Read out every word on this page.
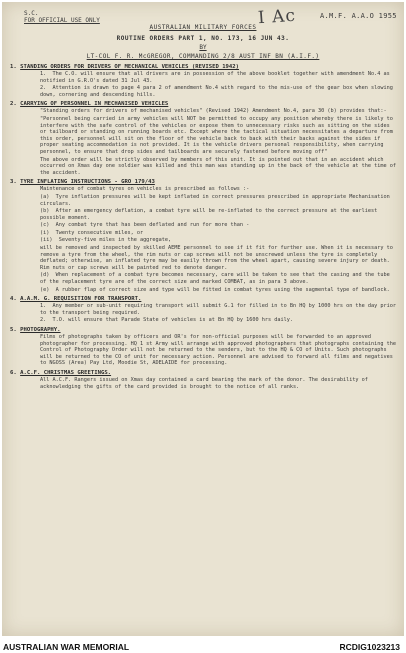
S.C.
FOR OFFICIAL USE ONLY	I Ac	A.M.F. A.A.O 1955
AUSTRALIAN MILITARY FORCES
ROUTINE ORDERS PART 1, NO. 173, 16 JUN 43.
BY
LT-COL F. R. McGREGOR, COMMANDING 2/8 AUST INF BN (A.I.F.)
1. STANDING ORDERS FOR DRIVERS OF MECHANICAL VEHICLES (REVISED 1942)
1.  The C.O. will ensure that all drivers are in possession of the above booklet together with amendment No.4 as notified in G.R.O's dated 31 Jul 43.
2.  Attention is drawn to page 4 para 2 of amendment No.4 with regard to the mis-use of the gear box when slowing down, cornering and descending hills.
2. CARRYING OF PERSONNEL IN MECHANISED VEHICLES
"Standing orders for drivers of mechanised vehicles" (Revised 1942) Amendment No.4, para 30 (b) provides that:-
"Personnel being carried in army vehicles will NOT be permitted to occupy any position whereby there is likely to interfere with the safe control of the vehicles or expose them to unnecessary risks such as sitting on the sides or tailboard or standing on running boards etc. Except where the tactical situation necessitates a departure from this order, personnel will sit on the floor of the vehicle back to back with their backs against the sides if proper seating accommodation is not provided. It is the vehicle drivers personal responsibility, when carrying personnel, to ensure that drop sides and tailboards are securely fastened before moving off"
The above order will be strictly observed by members of this unit. It is pointed out that in an accident which occurred on Xmas day one soldier was killed and this man was standing up in the back of the vehicle at the time of the accident.
3. TYRE INFLATING INSTRUCTIONS - GRO 179/43
Maintenance of combat tyres on vehicles is prescribed as follows :-
(a)  Tyre inflation pressures will be kept inflated in correct pressures prescribed in appropriate Mechanisation circulars.
(b)  After an emergency deflation, a combat tyre will be re-inflated to the correct pressure at the earliest possible moment.
(c)  Any combat tyre that has been deflated and run for more than -
(i)  Twenty consecutive miles, or
(ii)  Seventy-five miles in the aggregate,
will be removed and inspected by skilled AEME personnel to see if it fit for further use. When it is necessary to remove a tyre from the wheel, the rim nuts or cap screws will not be unscrewed unless the tyre is completely deflated; otherwise, an inflated tyre may be easily thrown from the wheel apart, causing severe injury or death. Rim nuts or cap screws will be painted red to denote danger.
(d)  When replacement of a combat tyre becomes necessary, care will be taken to see that the casing and the tube of the replacement tyre are of the correct size and marked COMBAT, as in para 3 above.
(e)  A rubber flap of correct size and type will be fitted in combat tyres using the sagmental type of bandlock.
4. A.A.M. G. REQUISITION FOR TRANSPORT.
1.  Any member or sub-unit requiring transport will submit G.1 for filled in to Bn HQ by 1000 hrs on the day prior to the transport being required.
2.  T.O. will ensure that Parade State of vehicles is at Bn HQ by 1600 hrs daily.
5. PHOTOGRAPHY.
Films of photographs taken by officers and OR's for non-official purposes will be forwarded to an approved photographer for processing. HQ 1 st Army will arrange with approved photographers that photographs containing the Control of Photography Order will not be returned to the senders, but to the HQ & CO of Units. Such photographs will be returned to the CO of unit for necessary action. Personnel are advised to forward all films and negatives to NGOSS (Area) Pay Ltd, Moodie St, ADELAIDE for processing.
6. A.C.F. CHRISTMAS GREETINGS.
All A.C.F. Rangers issued on Xmas day contained a card bearing the mark of the donor. The desirability of acknowledging the gifts of the card provided is brought to the notice of all ranks.
AUSTRALIAN WAR MEMORIAL	RCDIG1023213
